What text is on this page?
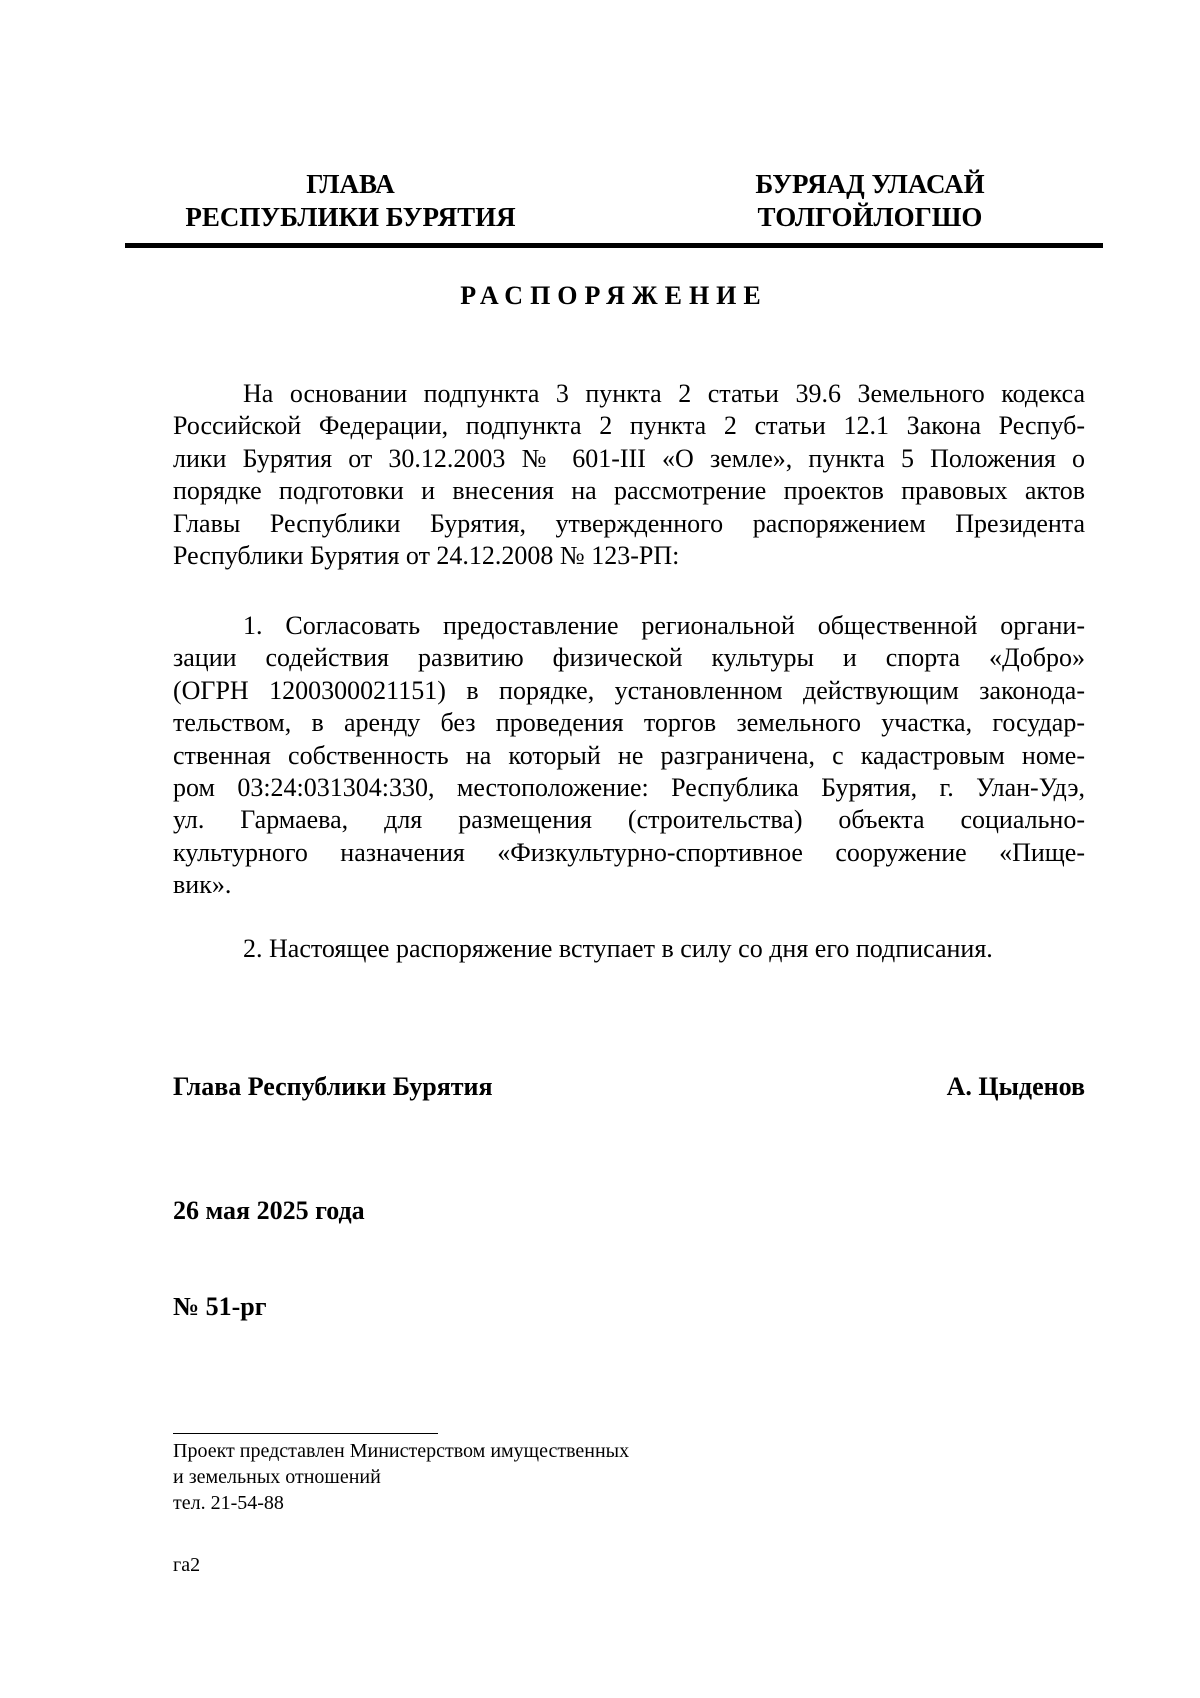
ГЛАВА
РЕСПУБЛИКИ БУРЯТИЯ
БУРЯАД УЛАСАЙ
ТОЛГОЙЛОГШО
РАСПОРЯЖЕНИЕ
На основании подпункта 3 пункта 2 статьи 39.6 Земельного кодекса
Российской Федерации, подпункта 2 пункта 2 статьи 12.1 Закона Респуб-
лики Бурятия от 30.12.2003 № 601-III «О земле», пункта 5 Положения о
порядке подготовки и внесения на рассмотрение проектов правовых актов
Главы Республики Бурятия, утвержденного распоряжением Президента
Республики Бурятия от 24.12.2008 № 123-РП:
1. Согласовать предоставление региональной общественной органи-
зации содействия развитию физической культуры и спорта «Добро»
(ОГРН 1200300021151) в порядке, установленном действующим законода-
тельством, в аренду без проведения торгов земельного участка, государ-
ственная собственность на который не разграничена, с кадастровым номе-
ром 03:24:031304:330, местоположение: Республика Бурятия, г. Улан-Удэ,
ул. Гармаева, для размещения (строительства) объекта социально-
культурного назначения «Физкультурно-спортивное сооружение «Пище-
вик».
2. Настоящее распоряжение вступает в силу со дня его подписания.
Глава Республики Бурятия	А. Цыденов
26 мая 2025 года
№ 51-рг
Проект представлен Министерством имущественных
и земельных отношений
тел. 21-54-88
га2
